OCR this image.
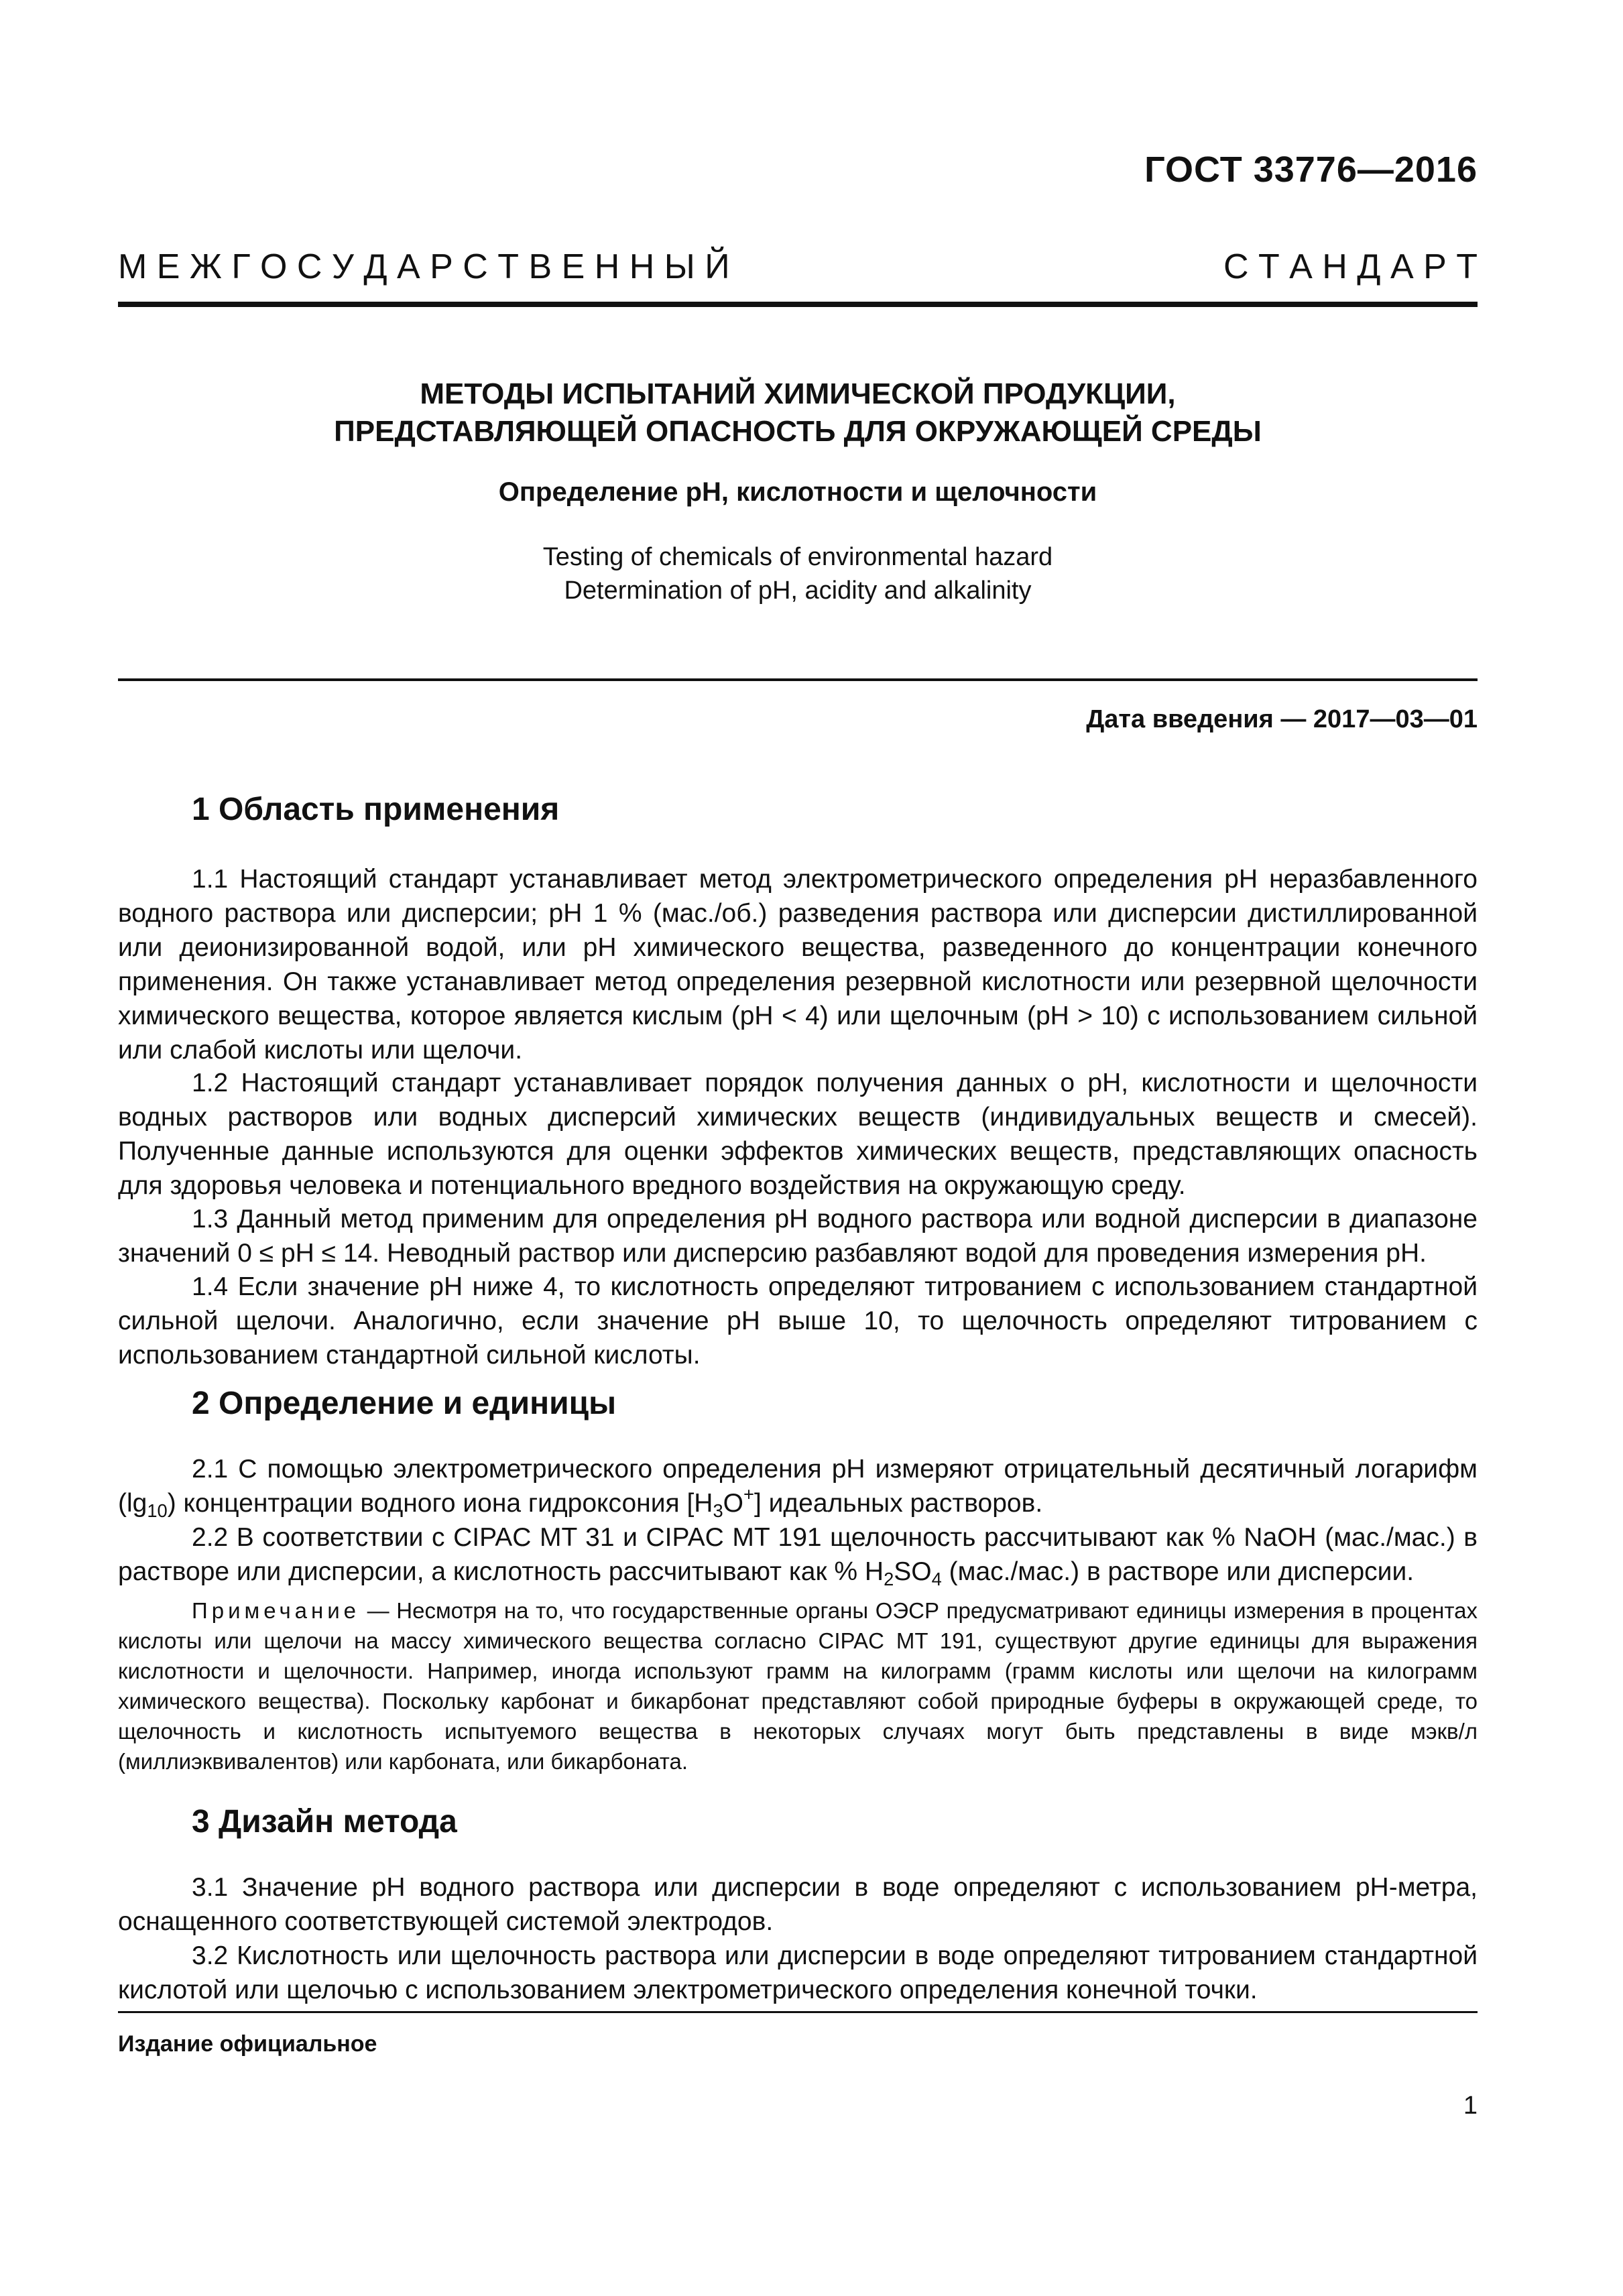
ГОСТ 33776—2016
М Е Ж Г О С У Д А Р С Т В Е Н Н Ы Й	С Т А Н Д А Р Т
МЕТОДЫ ИСПЫТАНИЙ ХИМИЧЕСКОЙ ПРОДУКЦИИ,
ПРЕДСТАВЛЯЮЩЕЙ ОПАСНОСТЬ ДЛЯ ОКРУЖАЮЩЕЙ СРЕДЫ
Определение pH, кислотности и щелочности
Testing of chemicals of environmental hazard
Determination of pH, acidity and alkalinity
Дата введения — 2017—03—01
1 Область применения
1.1 Настоящий стандарт устанавливает метод электрометрического определения pH неразбавленного водного раствора или дисперсии; pH 1 % (мас./об.) разведения раствора или дисперсии дистиллированной или деионизированной водой, или pH химического вещества, разведенного до концентрации конечного применения. Он также устанавливает метод определения резервной кислотности или резервной щелочности химического вещества, которое является кислым (pH < 4) или щелочным (pH > 10) с использованием сильной или слабой кислоты или щелочи.
1.2 Настоящий стандарт устанавливает порядок получения данных о pH, кислотности и щелочности водных растворов или водных дисперсий химических веществ (индивидуальных веществ и смесей). Полученные данные используются для оценки эффектов химических веществ, представляющих опасность для здоровья человека и потенциального вредного воздействия на окружающую среду.
1.3 Данный метод применим для определения pH водного раствора или водной дисперсии в диапазоне значений 0 ≤ pH ≤ 14. Неводный раствор или дисперсию разбавляют водой для проведения измерения pH.
1.4 Если значение pH ниже 4, то кислотность определяют титрованием с использованием стандартной сильной щелочи. Аналогично, если значение pH выше 10, то щелочность определяют титрованием с использованием стандартной сильной кислоты.
2 Определение и единицы
2.1 С помощью электрометрического определения pH измеряют отрицательный десятичный логарифм $(\lg_{10})$ концентрации водного иона гидроксония $[H_3O^+]$ идеальных растворов.
2.2 В соответствии с CIPAC MT 31 и CIPAC MT 191 щелочность рассчитывают как % NaOH (мас./мас.) в растворе или дисперсии, а кислотность рассчитывают как % $H_2SO_4$ (мас./мас.) в растворе или дисперсии.
Примечание — Несмотря на то, что государственные органы ОЭСР предусматривают единицы измерения в процентах кислоты или щелочи на массу химического вещества согласно CIPAC MT 191, существуют другие единицы для выражения кислотности и щелочности. Например, иногда используют грамм на килограмм (грамм кислоты или щелочи на килограмм химического вещества). Поскольку карбонат и бикарбонат представляют собой природные буферы в окружающей среде, то щелочность и кислотность испытуемого вещества в некоторых случаях могут быть представлены в виде мэкв/л (миллиэквивалентов) или карбоната, или бикарбоната.
3 Дизайн метода
3.1 Значение pH водного раствора или дисперсии в воде определяют с использованием pH-метра, оснащенного соответствующей системой электродов.
3.2 Кислотность или щелочность раствора или дисперсии в воде определяют титрованием стандартной кислотой или щелочью с использованием электрометрического определения конечной точки.
Издание официальное
1
